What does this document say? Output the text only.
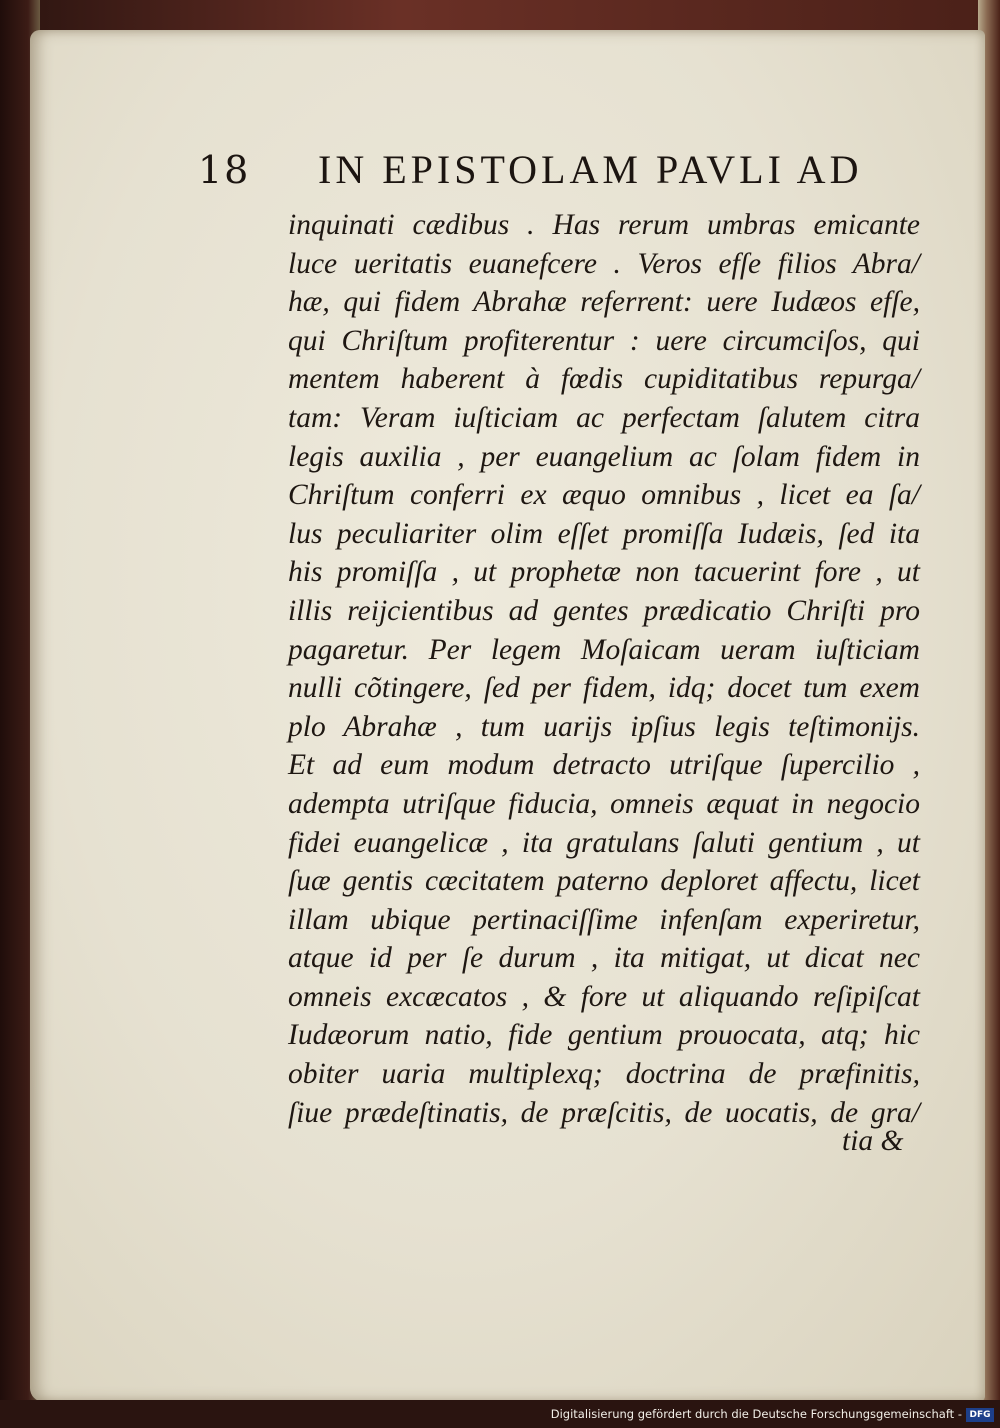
18 IN EPISTOLAM PAVLI AD
inquinati cædibus . Has rerum umbras emicante
luce ueritatis euanefcere . Veros efſe filios Abra/
hæ, qui fidem Abrahæ referrent: uere Iudæos efſe,
qui Chriſtum profiterentur : uere circumciſos, qui
mentem haberent à fœdis cupiditatibus repurga/
tam: Veram iuſticiam ac perfectam ſalutem citra
legis auxilia , per euangelium ac ſolam fidem in
Chriſtum conferri ex æquo omnibus , licet ea ſa/
lus peculiariter olim eſſet promiſſa Iudæis, ſed ita
his promiſſa , ut prophetæ non tacuerint fore , ut
illis reijcientibus ad gentes prædicatio Chriſti pro
pagaretur. Per legem Moſaicam ueram iuſticiam
nulli cõtingere, ſed per fidem, idq; docet tum exem
plo Abrahæ , tum uarijs ipſius legis teſtimonijs.
Et ad eum modum detracto utriſque ſupercilio ,
adempta utriſque fiducia, omneis æquat in negocio
fidei euangelicæ , ita gratulans ſaluti gentium , ut
ſuæ gentis cæcitatem paterno deploret affectu, licet
illam ubique pertinaciſſime infenſam experiretur,
atque id per ſe durum , ita mitigat, ut dicat nec
omneis excæcatos , & fore ut aliquando reſipiſcat
Iudæorum natio, fide gentium prouocata, atq; hic
obiter uaria multiplexq; doctrina de præfinitis,
ſiue prædeſtinatis, de præſcitis, de uocatis, de gra/
tia &
Digitalisierung gefördert durch die Deutsche Forschungsgemeinschaft - DFG
